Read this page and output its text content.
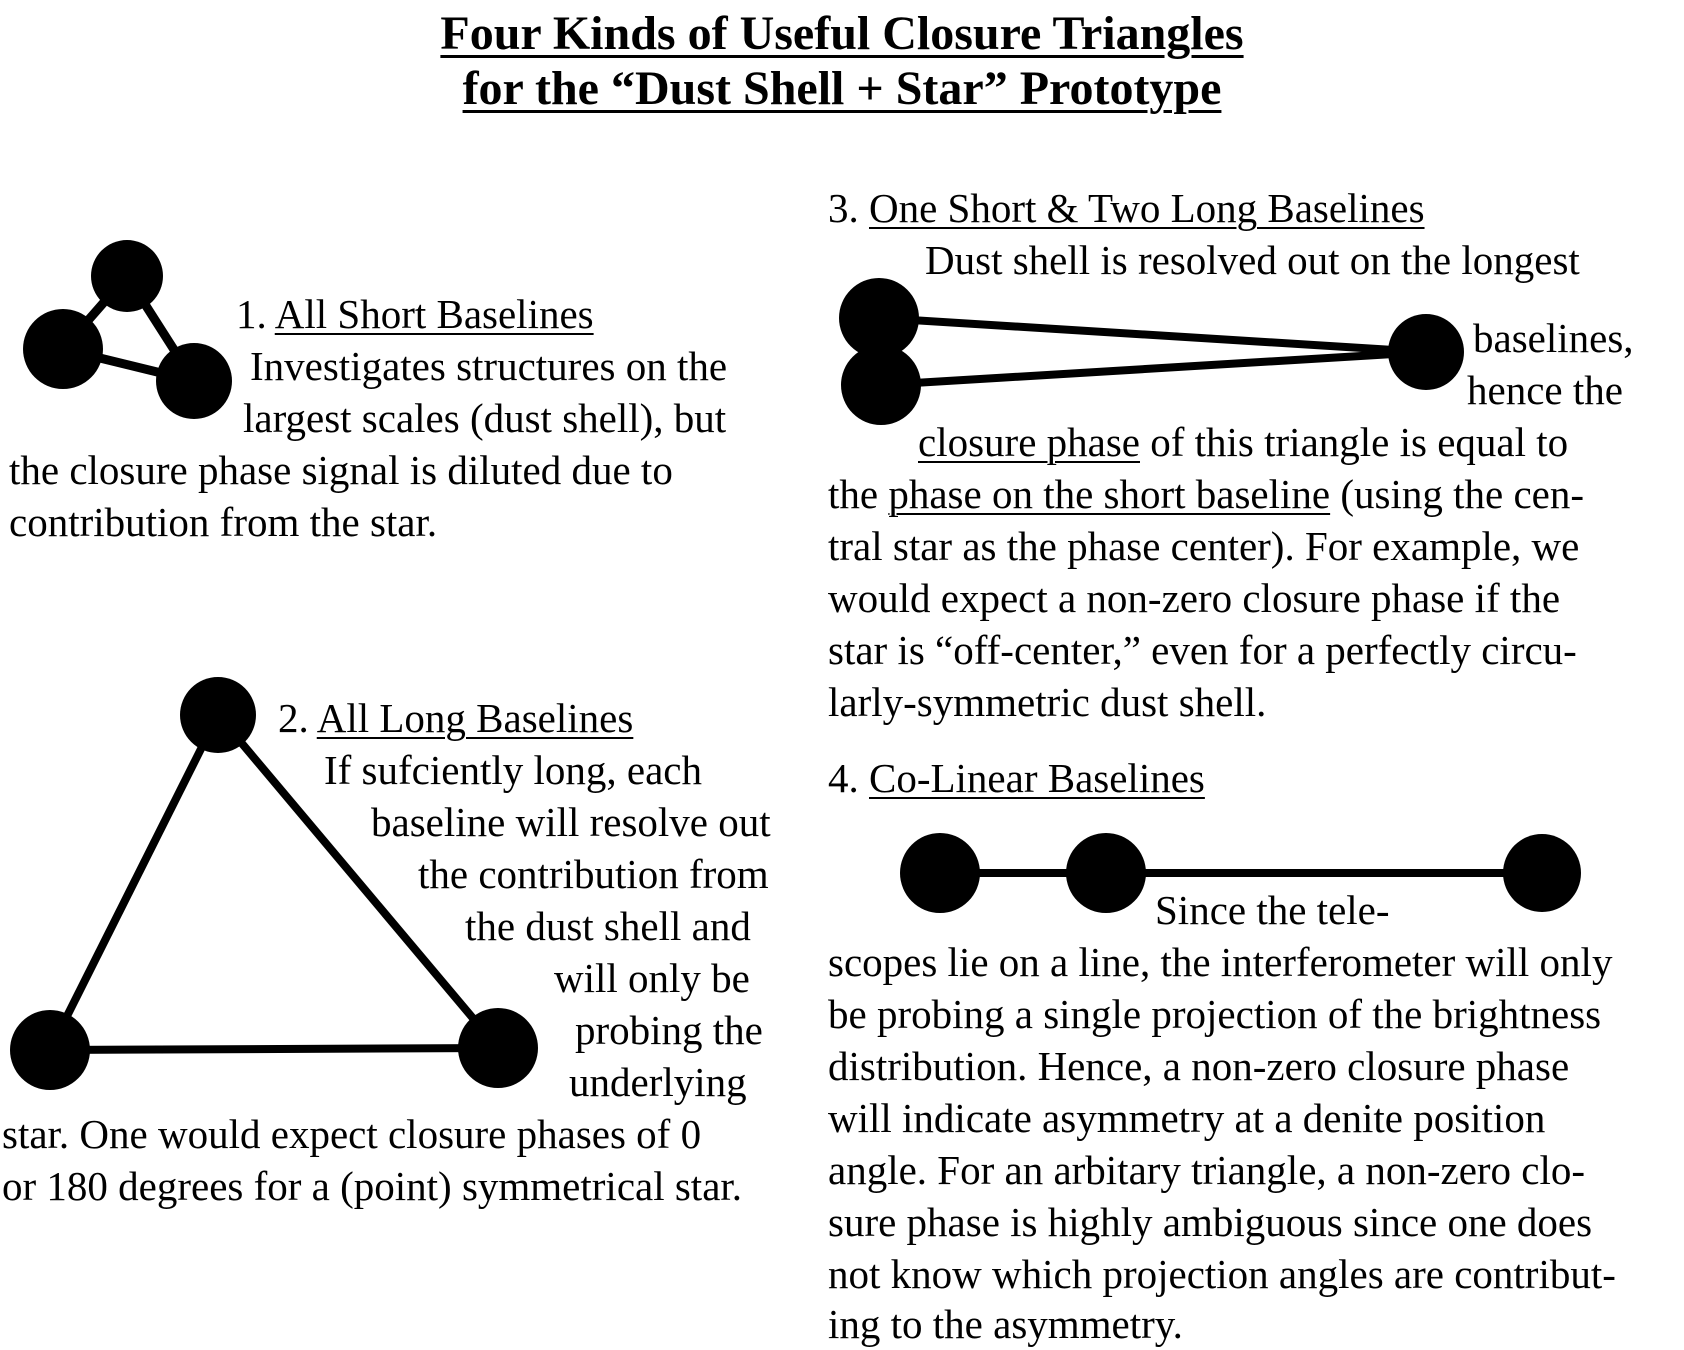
Four Kinds of Useful Closure Triangles
for the “Dust Shell + Star” Prototype
1. All Short Baselines
Investigates structures on the
largest scales (dust shell), but
the closure phase signal is diluted due to
contribution from the star.
2. All Long Baselines
If sufciently long, each
baseline will resolve out
the contribution from
the dust shell and
will only be
probing the
underlying
star. One would expect closure phases of 0
or 180 degrees for a (point) symmetrical star.
3. One Short & Two Long Baselines
Dust shell is resolved out on the longest
baselines,
hence the
closure phase of this triangle is equal to
the phase on the short baseline (using the cen-
tral star as the phase center). For example, we
would expect a non-zero closure phase if the
star is “off-center,” even for a perfectly circu-
larly-symmetric dust shell.
4. Co-Linear Baselines
Since the tele-
scopes lie on a line, the interferometer will only
be probing a single projection of the brightness
distribution. Hence, a non-zero closure phase
will indicate asymmetry at a denite position
angle. For an arbitary triangle, a non-zero clo-
sure phase is highly ambiguous since one does
not know which projection angles are contribut-
ing to the asymmetry.
